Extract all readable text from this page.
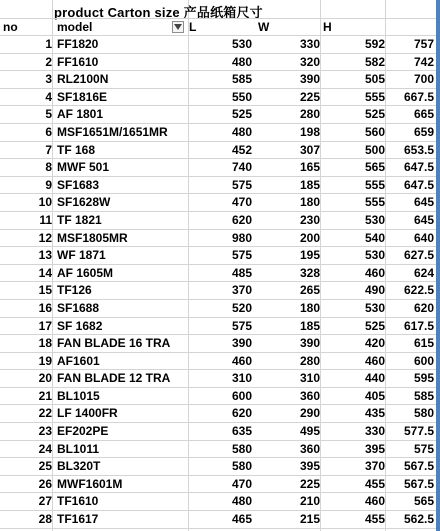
product Carton size 产品纸箱尺寸
no	model	L	W	H
1 FF1820	530	330	592	757
2 FF1610	480	320	582	742
3 RL2100N	585	390	505	700
4 SF1816E	550	225	555	667.5
5 AF 1801	525	280	525	665
6 MSF1651M/1651MR	480	198	560	659
7 TF 168	452	307	500	653.5
8 MWF 501	740	165	565	647.5
9 SF1683	575	185	555	647.5
10 SF1628W	470	180	555	645
11 TF 1821	620	230	530	645
12 MSF1805MR	980	200	540	640
13 WF 1871	575	195	530	627.5
14 AF 1605M	485	328	460	624
15 TF126	370	265	490	622.5
16 SF1688	520	180	530	620
17 SF 1682	575	185	525	617.5
18 FAN BLADE 16 TRA	390	390	420	615
19 AF1601	460	280	460	600
20 FAN BLADE 12 TRA	310	310	440	595
21 BL1015	600	360	405	585
22 LF 1400FR	620	290	435	580
23 EF202PE	635	495	330	577.5
24 BL1011	580	360	395	575
25 BL320T	580	395	370	567.5
26 MWF1601M	470	225	455	567.5
27 TF1610	480	210	460	565
28 TF1617	465	215	455	562.5
